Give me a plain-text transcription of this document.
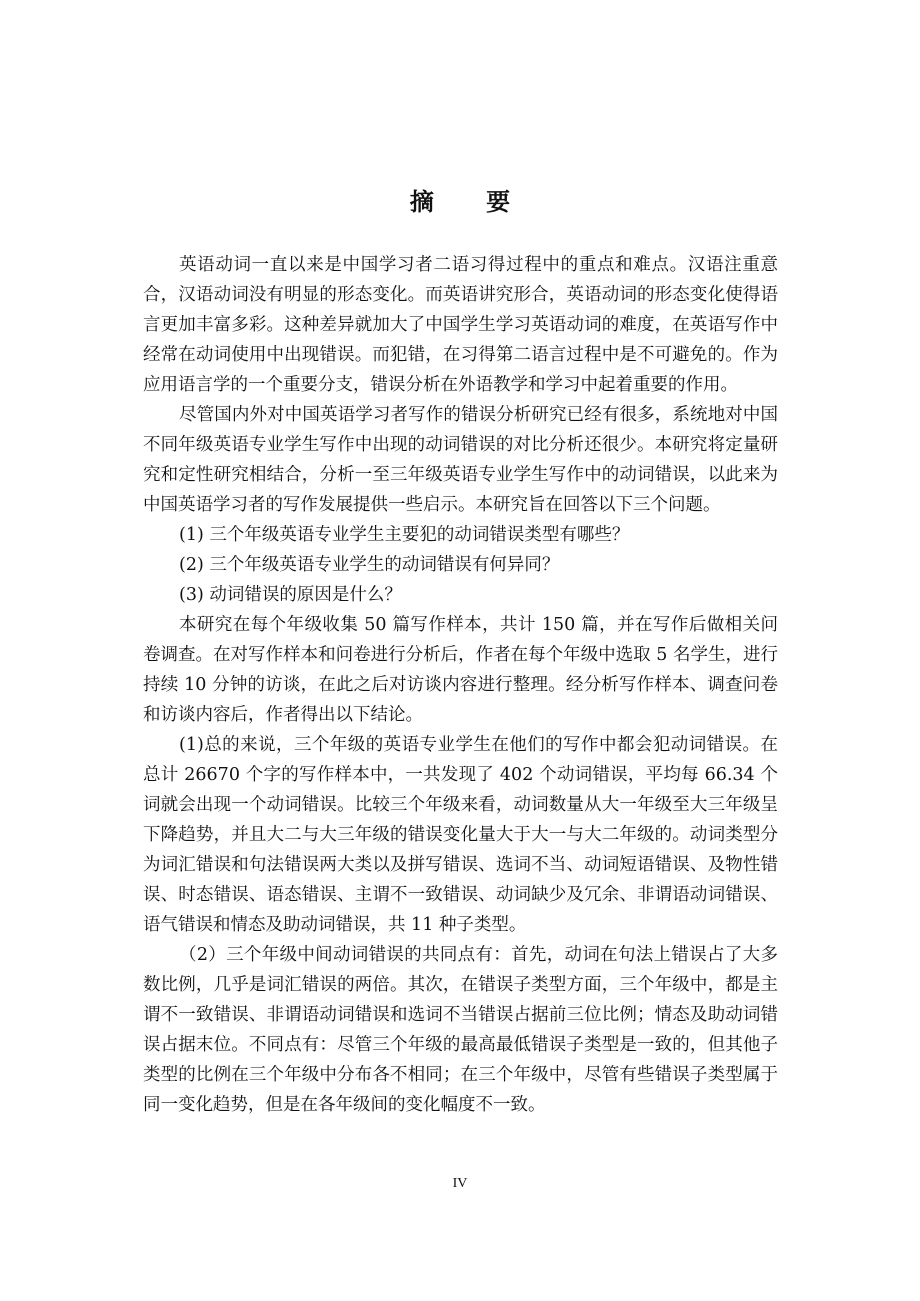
摘 要

英语动词一直以来是中国学习者二语习得过程中的重点和难点。汉语注重意合，汉语动词没有明显的形态变化。而英语讲究形合，英语动词的形态变化使得语言更加丰富多彩。这种差异就加大了中国学生学习英语动词的难度，在英语写作中经常在动词使用中出现错误。而犯错，在习得第二语言过程中是不可避免的。作为应用语言学的一个重要分支，错误分析在外语教学和学习中起着重要的作用。

尽管国内外对中国英语学习者写作的错误分析研究已经有很多，系统地对中国不同年级英语专业学生写作中出现的动词错误的对比分析还很少。本研究将定量研究和定性研究相结合，分析一至三年级英语专业学生写作中的动词错误，以此来为中国英语学习者的写作发展提供一些启示。本研究旨在回答以下三个问题。

(1) 三个年级英语专业学生主要犯的动词错误类型有哪些？

(2) 三个年级英语专业学生的动词错误有何异同？

(3) 动词错误的原因是什么？

本研究在每个年级收集 50 篇写作样本，共计 150 篇，并在写作后做相关问卷调查。在对写作样本和问卷进行分析后，作者在每个年级中选取 5 名学生，进行持续 10 分钟的访谈，在此之后对访谈内容进行整理。经分析写作样本、调查问卷和访谈内容后，作者得出以下结论。

(1)总的来说，三个年级的英语专业学生在他们的写作中都会犯动词错误。在总计 26670 个字的写作样本中，一共发现了 402 个动词错误，平均每 66.34 个词就会出现一个动词错误。比较三个年级来看，动词数量从大一年级至大三年级呈下降趋势，并且大二与大三年级的错误变化量大于大一与大二年级的。动词类型分为词汇错误和句法错误两大类以及拼写错误、选词不当、动词短语错误、及物性错误、时态错误、语态错误、主谓不一致错误、动词缺少及冗余、非谓语动词错误、语气错误和情态及助动词错误，共 11 种子类型。

（2）三个年级中间动词错误的共同点有：首先，动词在句法上错误占了大多数比例，几乎是词汇错误的两倍。其次，在错误子类型方面，三个年级中，都是主谓不一致错误、非谓语动词错误和选词不当错误占据前三位比例；情态及助动词错误占据末位。不同点有：尽管三个年级的最高最低错误子类型是一致的，但其他子类型的比例在三个年级中分布各不相同；在三个年级中，尽管有些错误子类型属于同一变化趋势，但是在各年级间的变化幅度不一致。

IV
